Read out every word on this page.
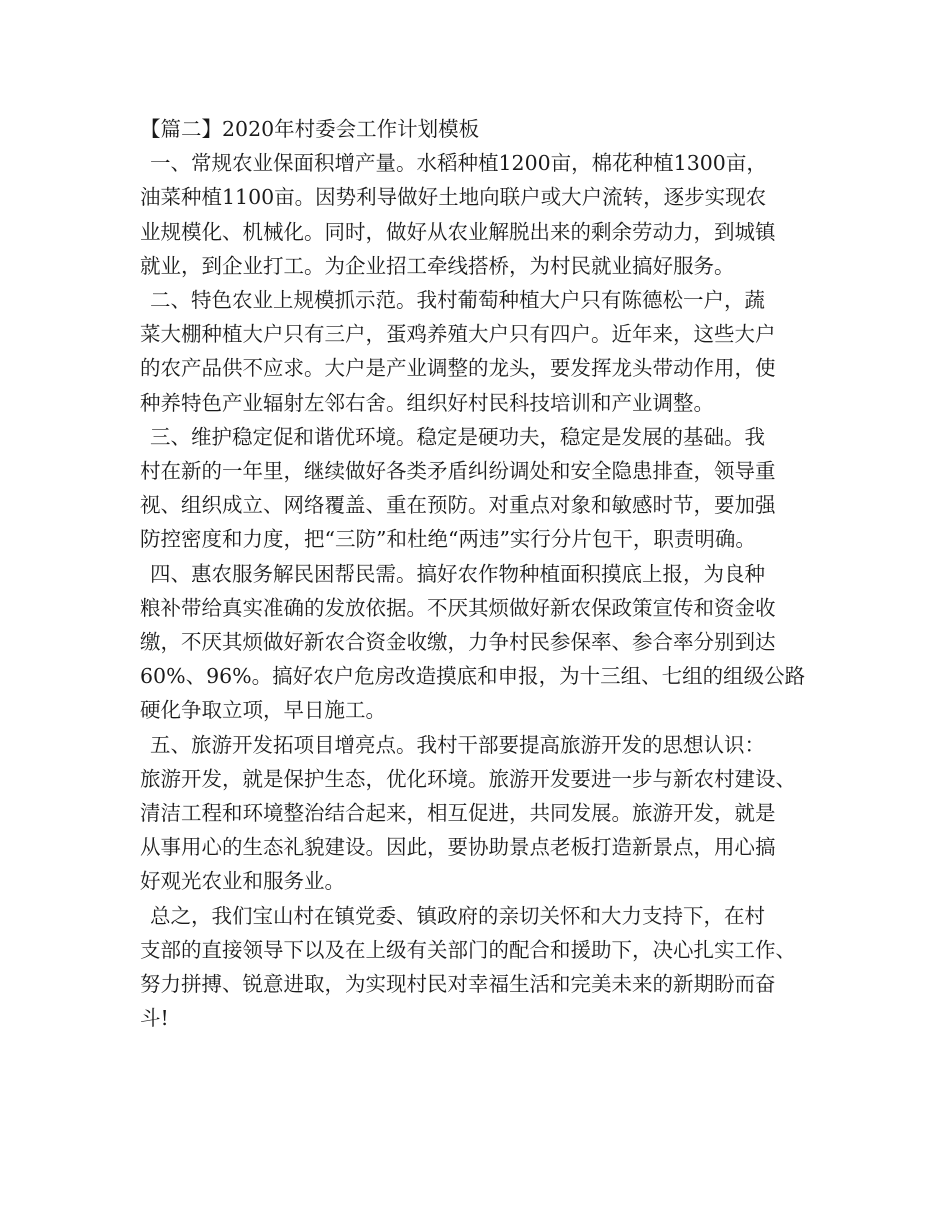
【篇二】2020年村委会工作计划模板

一、常规农业保面积增产量。水稻种植1200亩，棉花种植1300亩，
油菜种植1100亩。因势利导做好土地向联户或大户流转，逐步实现农
业规模化、机械化。同时，做好从农业解脱出来的剩余劳动力，到城镇
就业，到企业打工。为企业招工牵线搭桥，为村民就业搞好服务。

二、特色农业上规模抓示范。我村葡萄种植大户只有陈德松一户，蔬
菜大棚种植大户只有三户，蛋鸡养殖大户只有四户。近年来，这些大户
的农产品供不应求。大户是产业调整的龙头，要发挥龙头带动作用，使
种养特色产业辐射左邻右舍。组织好村民科技培训和产业调整。

三、维护稳定促和谐优环境。稳定是硬功夫，稳定是发展的基础。我
村在新的一年里，继续做好各类矛盾纠纷调处和安全隐患排查，领导重
视、组织成立、网络覆盖、重在预防。对重点对象和敏感时节，要加强
防控密度和力度，把“三防”和杜绝“两违”实行分片包干，职责明确。

四、惠农服务解民困帮民需。搞好农作物种植面积摸底上报，为良种
粮补带给真实准确的发放依据。不厌其烦做好新农保政策宣传和资金收
缴，不厌其烦做好新农合资金收缴，力争村民参保率、参合率分别到达
60%、96%。搞好农户危房改造摸底和申报，为十三组、七组的组级公路
硬化争取立项，早日施工。

五、旅游开发拓项目增亮点。我村干部要提高旅游开发的思想认识：
旅游开发，就是保护生态，优化环境。旅游开发要进一步与新农村建设、
清洁工程和环境整治结合起来，相互促进，共同发展。旅游开发，就是
从事用心的生态礼貌建设。因此，要协助景点老板打造新景点，用心搞
好观光农业和服务业。

总之，我们宝山村在镇党委、镇政府的亲切关怀和大力支持下，在村
支部的直接领导下以及在上级有关部门的配合和援助下，决心扎实工作、
努力拼搏、锐意进取，为实现村民对幸福生活和完美未来的新期盼而奋
斗!
